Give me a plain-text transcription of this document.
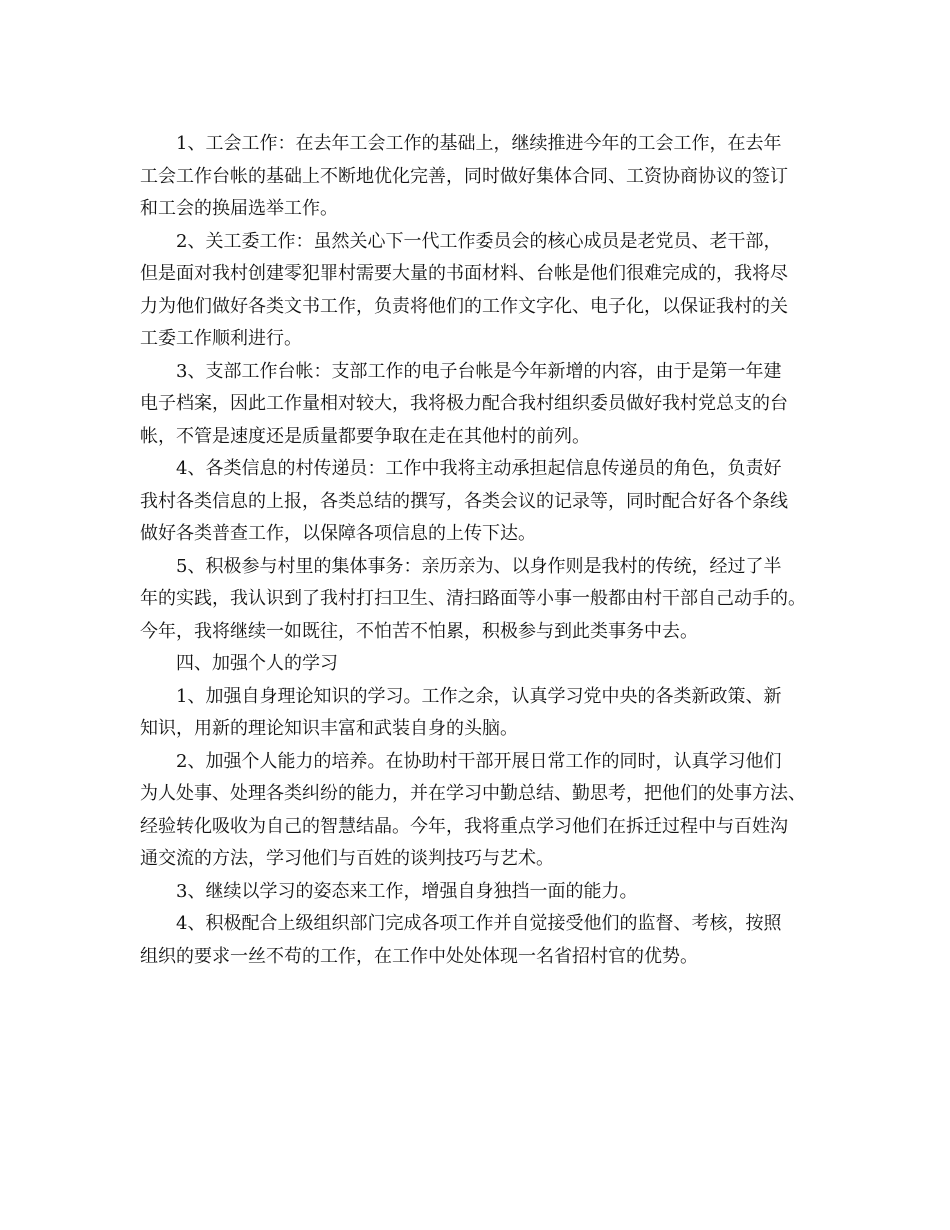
1、工会工作：在去年工会工作的基础上，继续推进今年的工会工作，在去年
工会工作台帐的基础上不断地优化完善，同时做好集体合同、工资协商协议的签订
和工会的换届选举工作。
2、关工委工作：虽然关心下一代工作委员会的核心成员是老党员、老干部，
但是面对我村创建零犯罪村需要大量的书面材料、台帐是他们很难完成的，我将尽
力为他们做好各类文书工作，负责将他们的工作文字化、电子化，以保证我村的关
工委工作顺利进行。
3、支部工作台帐：支部工作的电子台帐是今年新增的内容，由于是第一年建
电子档案，因此工作量相对较大，我将极力配合我村组织委员做好我村党总支的台
帐，不管是速度还是质量都要争取在走在其他村的前列。
4、各类信息的村传递员：工作中我将主动承担起信息传递员的角色，负责好
我村各类信息的上报，各类总结的撰写，各类会议的记录等，同时配合好各个条线
做好各类普查工作，以保障各项信息的上传下达。
5、积极参与村里的集体事务：亲历亲为、以身作则是我村的传统，经过了半
年的实践，我认识到了我村打扫卫生、清扫路面等小事一般都由村干部自己动手的。
今年，我将继续一如既往，不怕苦不怕累，积极参与到此类事务中去。
四、加强个人的学习
1、加强自身理论知识的学习。工作之余，认真学习党中央的各类新政策、新
知识，用新的理论知识丰富和武装自身的头脑。
2、加强个人能力的培养。在协助村干部开展日常工作的同时，认真学习他们
为人处事、处理各类纠纷的能力，并在学习中勤总结、勤思考，把他们的处事方法、
经验转化吸收为自己的智慧结晶。今年，我将重点学习他们在拆迁过程中与百姓沟
通交流的方法，学习他们与百姓的谈判技巧与艺术。
3、继续以学习的姿态来工作，增强自身独挡一面的能力。
4、积极配合上级组织部门完成各项工作并自觉接受他们的监督、考核，按照
组织的要求一丝不苟的工作，在工作中处处体现一名省招村官的优势。
